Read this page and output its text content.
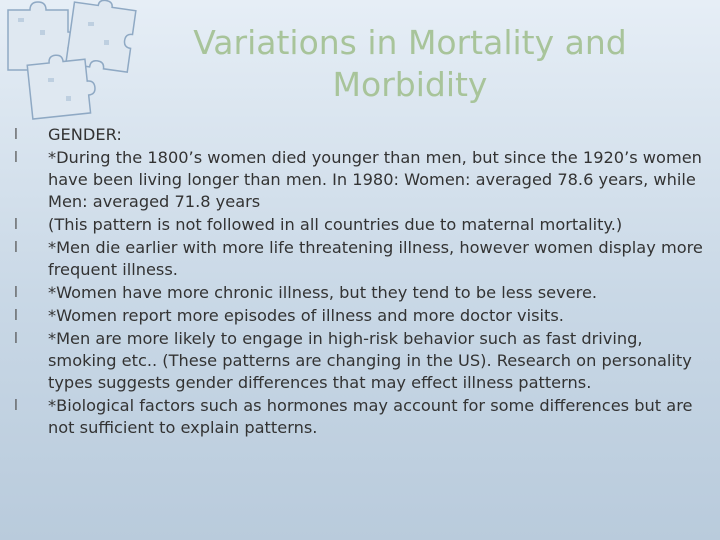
Variations in Mortality and
Morbidity
l	GENDER:
l	*During the 1800’s women died younger than men, but since the 1920’s women have been living longer than men. In 1980: Women: averaged 78.6 years, while Men: averaged 71.8 years
l	(This pattern is not followed in all countries due to maternal mortality.)
l	*Men die earlier with more life threatening illness, however women display more frequent illness.
l	*Women have more chronic illness, but they tend to be less severe.
l	*Women report more episodes of illness and more doctor visits.
l	*Men are more likely to engage in high-risk behavior such as fast driving, smoking etc.. (These patterns are changing in the US). Research on personality types suggests gender differences that may effect illness patterns.
l	*Biological factors such as hormones may account for some differences but are not sufficient to explain patterns.
